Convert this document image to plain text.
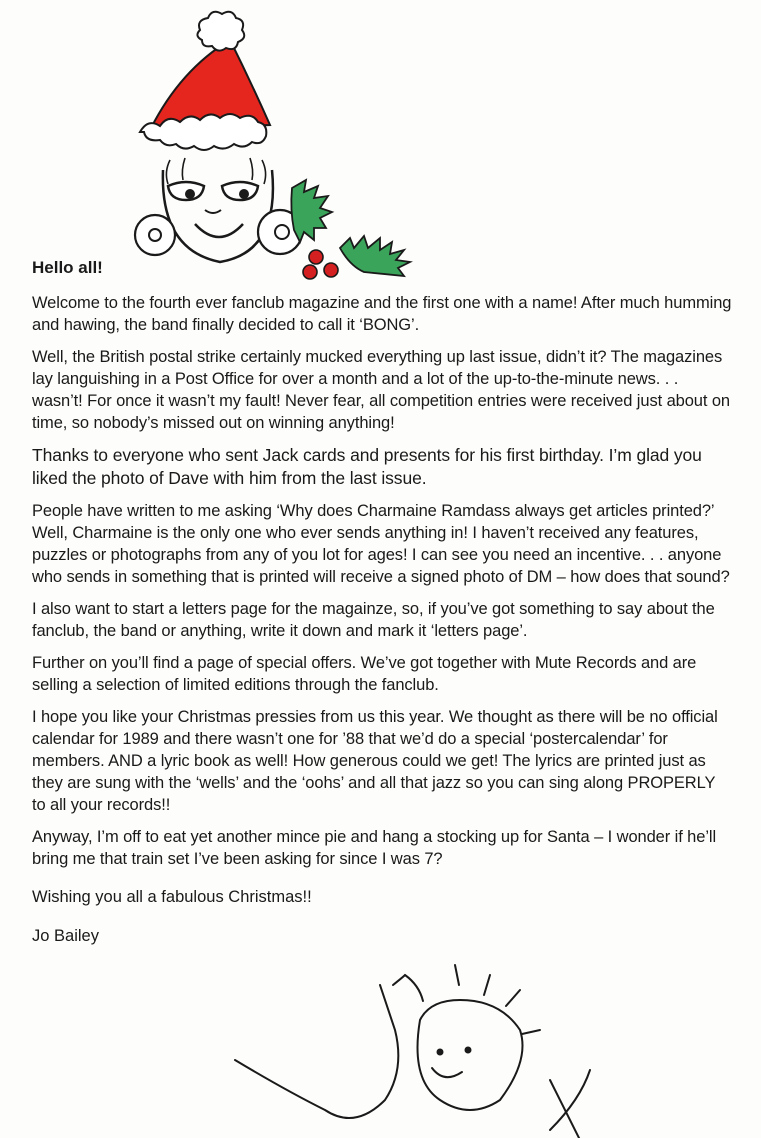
Hello all!

Welcome to the fourth ever fanclub magazine and the first one with a name! After much humming and hawing, the band finally decided to call it ‘BONG’.

Well, the British postal strike certainly mucked everything up last issue, didn’t it? The magazines lay languishing in a Post Office for over a month and a lot of the up-to-the-minute news. . . wasn’t! For once it wasn’t my fault! Never fear, all competition entries were received just about on time, so nobody’s missed out on winning anything!

Thanks to everyone who sent Jack cards and presents for his first birthday. I’m glad you liked the photo of Dave with him from the last issue.

People have written to me asking ‘Why does Charmaine Ramdass always get articles printed?’ Well, Charmaine is the only one who ever sends anything in! I haven’t received any features, puzzles or photographs from any of you lot for ages! I can see you need an incentive. . . anyone who sends in something that is printed will receive a signed photo of DM – how does that sound?

I also want to start a letters page for the magainze, so, if you’ve got something to say about the fanclub, the band or anything, write it down and mark it ‘letters page’.

Further on you’ll find a page of special offers. We’ve got together with Mute Records and are selling a selection of limited editions through the fanclub.

I hope you like your Christmas pressies from us this year. We thought as there will be no official calendar for 1989 and there wasn’t one for ’88 that we’d do a special ‘postercalendar’ for members. AND a lyric book as well! How generous could we get! The lyrics are printed just as they are sung with the ‘wells’ and the ‘oohs’ and all that jazz so you can sing along PROPERLY to all your records!!

Anyway, I’m off to eat yet another mince pie and hang a stocking up for Santa – I wonder if he’ll bring me that train set I’ve been asking for since I was 7?

Wishing you all a fabulous Christmas!!

Jo Bailey
